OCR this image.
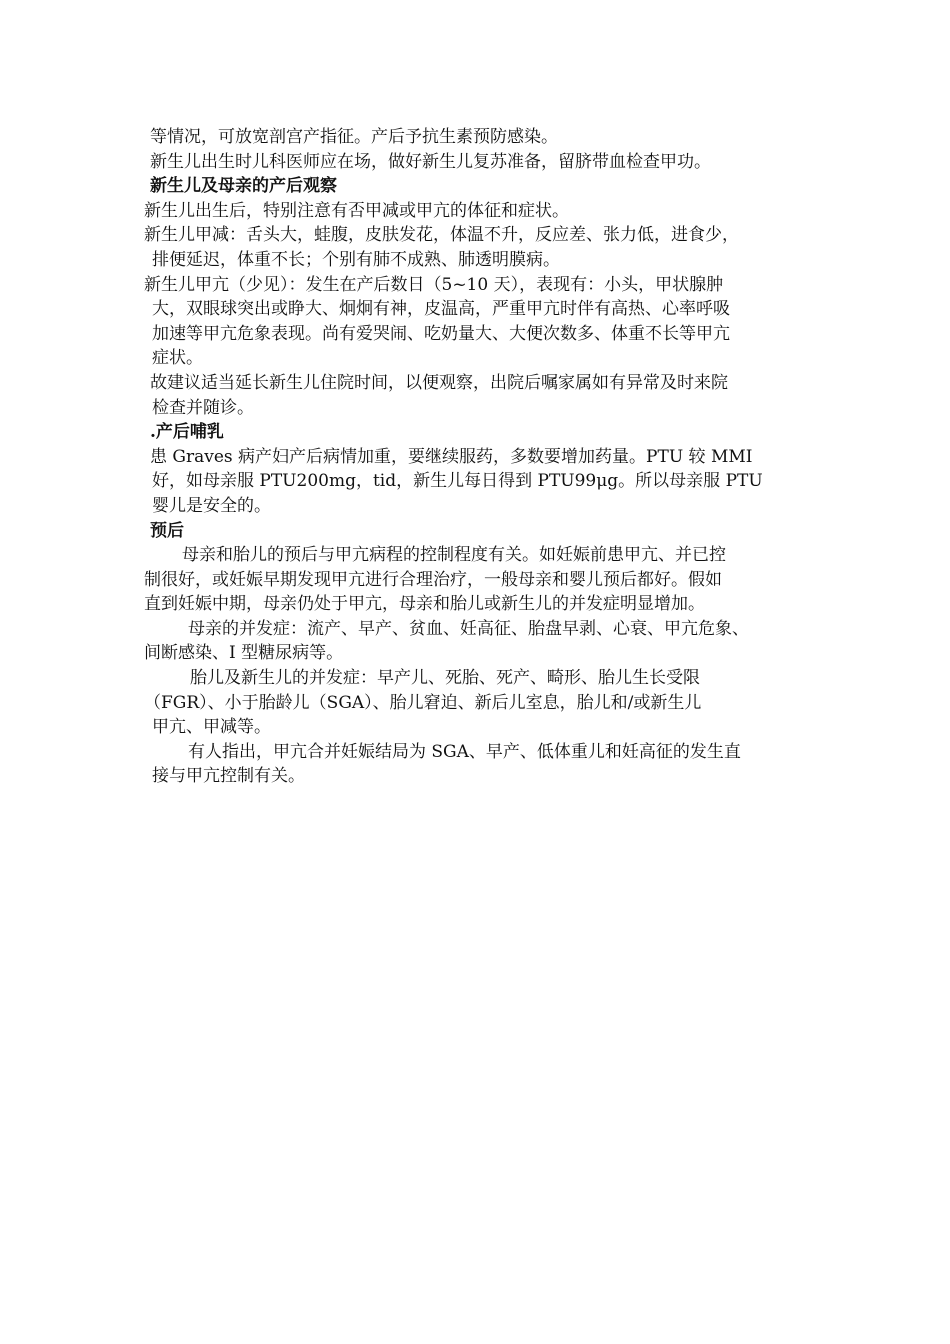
等情况，可放宽剖宫产指征。产后予抗生素预防感染。
新生儿出生时儿科医师应在场，做好新生儿复苏准备，留脐带血检查甲功。
新生儿及母亲的产后观察
新生儿出生后，特别注意有否甲减或甲亢的体征和症状。
新生儿甲减：舌头大，蛙腹，皮肤发花，体温不升，反应差、张力低，进食少，
排便延迟，体重不长；个别有肺不成熟、肺透明膜病。
新生儿甲亢（少见）：发生在产后数日（5~10 天），表现有：小头，甲状腺肿
大，双眼球突出或睁大、炯炯有神，皮温高，严重甲亢时伴有高热、心率呼吸
加速等甲亢危象表现。尚有爱哭闹、吃奶量大、大便次数多、体重不长等甲亢
症状。
故建议适当延长新生儿住院时间，以便观察，出院后嘱家属如有异常及时来院
检查并随诊。
.产后哺乳
患 Graves 病产妇产后病情加重，要继续服药，多数要增加药量。PTU 较 MMI
好，如母亲服 PTU200mg，tid，新生儿每日得到 PTU99μg。所以母亲服 PTU
婴儿是安全的。
预后
母亲和胎儿的预后与甲亢病程的控制程度有关。如妊娠前患甲亢、并已控
制很好，或妊娠早期发现甲亢进行合理治疗，一般母亲和婴儿预后都好。假如
直到妊娠中期，母亲仍处于甲亢，母亲和胎儿或新生儿的并发症明显增加。
母亲的并发症：流产、早产、贫血、妊高征、胎盘早剥、心衰、甲亢危象、
间断感染、I 型糖尿病等。
胎儿及新生儿的并发症：早产儿、死胎、死产、畸形、胎儿生长受限
（FGR）、小于胎龄儿（SGA）、胎儿窘迫、新后儿室息，胎儿和/或新生儿
甲亢、甲减等。
有人指出，甲亢合并妊娠结局为 SGA、早产、低体重儿和妊高征的发生直
接与甲亢控制有关。
